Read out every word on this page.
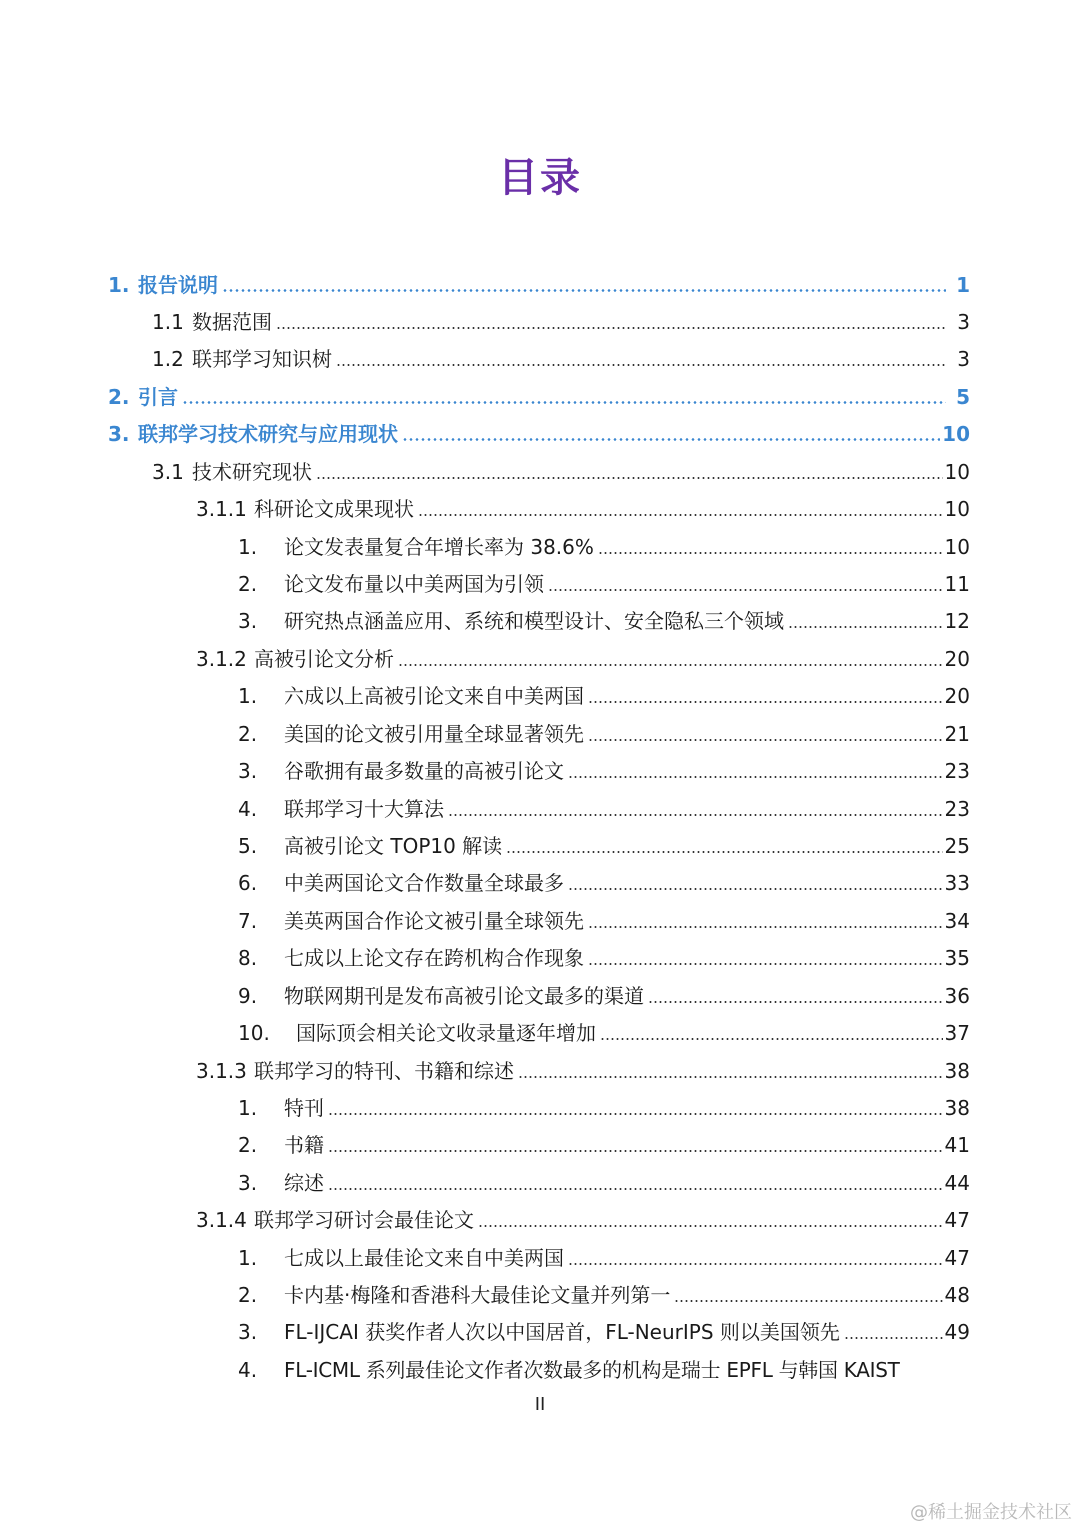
目录
1. 报告说明	1
1.1 数据范围	3
1.2 联邦学习知识树	3
2. 引言	5
3. 联邦学习技术研究与应用现状	10
3.1 技术研究现状	10
3.1.1 科研论文成果现状	10
1.	论文发表量复合年增长率为 38.6%	10
2.	论文发布量以中美两国为引领	11
3.	研究热点涵盖应用、系统和模型设计、安全隐私三个领域	12
3.1.2 高被引论文分析	20
1.	六成以上高被引论文来自中美两国	20
2.	美国的论文被引用量全球显著领先	21
3.	谷歌拥有最多数量的高被引论文	23
4.	联邦学习十大算法	23
5.	高被引论文 TOP10 解读	25
6.	中美两国论文合作数量全球最多	33
7.	美英两国合作论文被引量全球领先	34
8.	七成以上论文存在跨机构合作现象	35
9.	物联网期刊是发布高被引论文最多的渠道	36
10.	国际顶会相关论文收录量逐年增加	37
3.1.3 联邦学习的特刊、书籍和综述	38
1.	特刊	38
2.	书籍	41
3.	综述	44
3.1.4 联邦学习研讨会最佳论文	47
1.	七成以上最佳论文来自中美两国	47
2.	卡内基·梅隆和香港科大最佳论文量并列第一	48
3.	FL-IJCAI 获奖作者人次以中国居首，FL-NeurIPS 则以美国领先	49
4.	FL-ICML 系列最佳论文作者次数最多的机构是瑞士 EPFL 与韩国 KAIST
II
@稀土掘金技术社区
